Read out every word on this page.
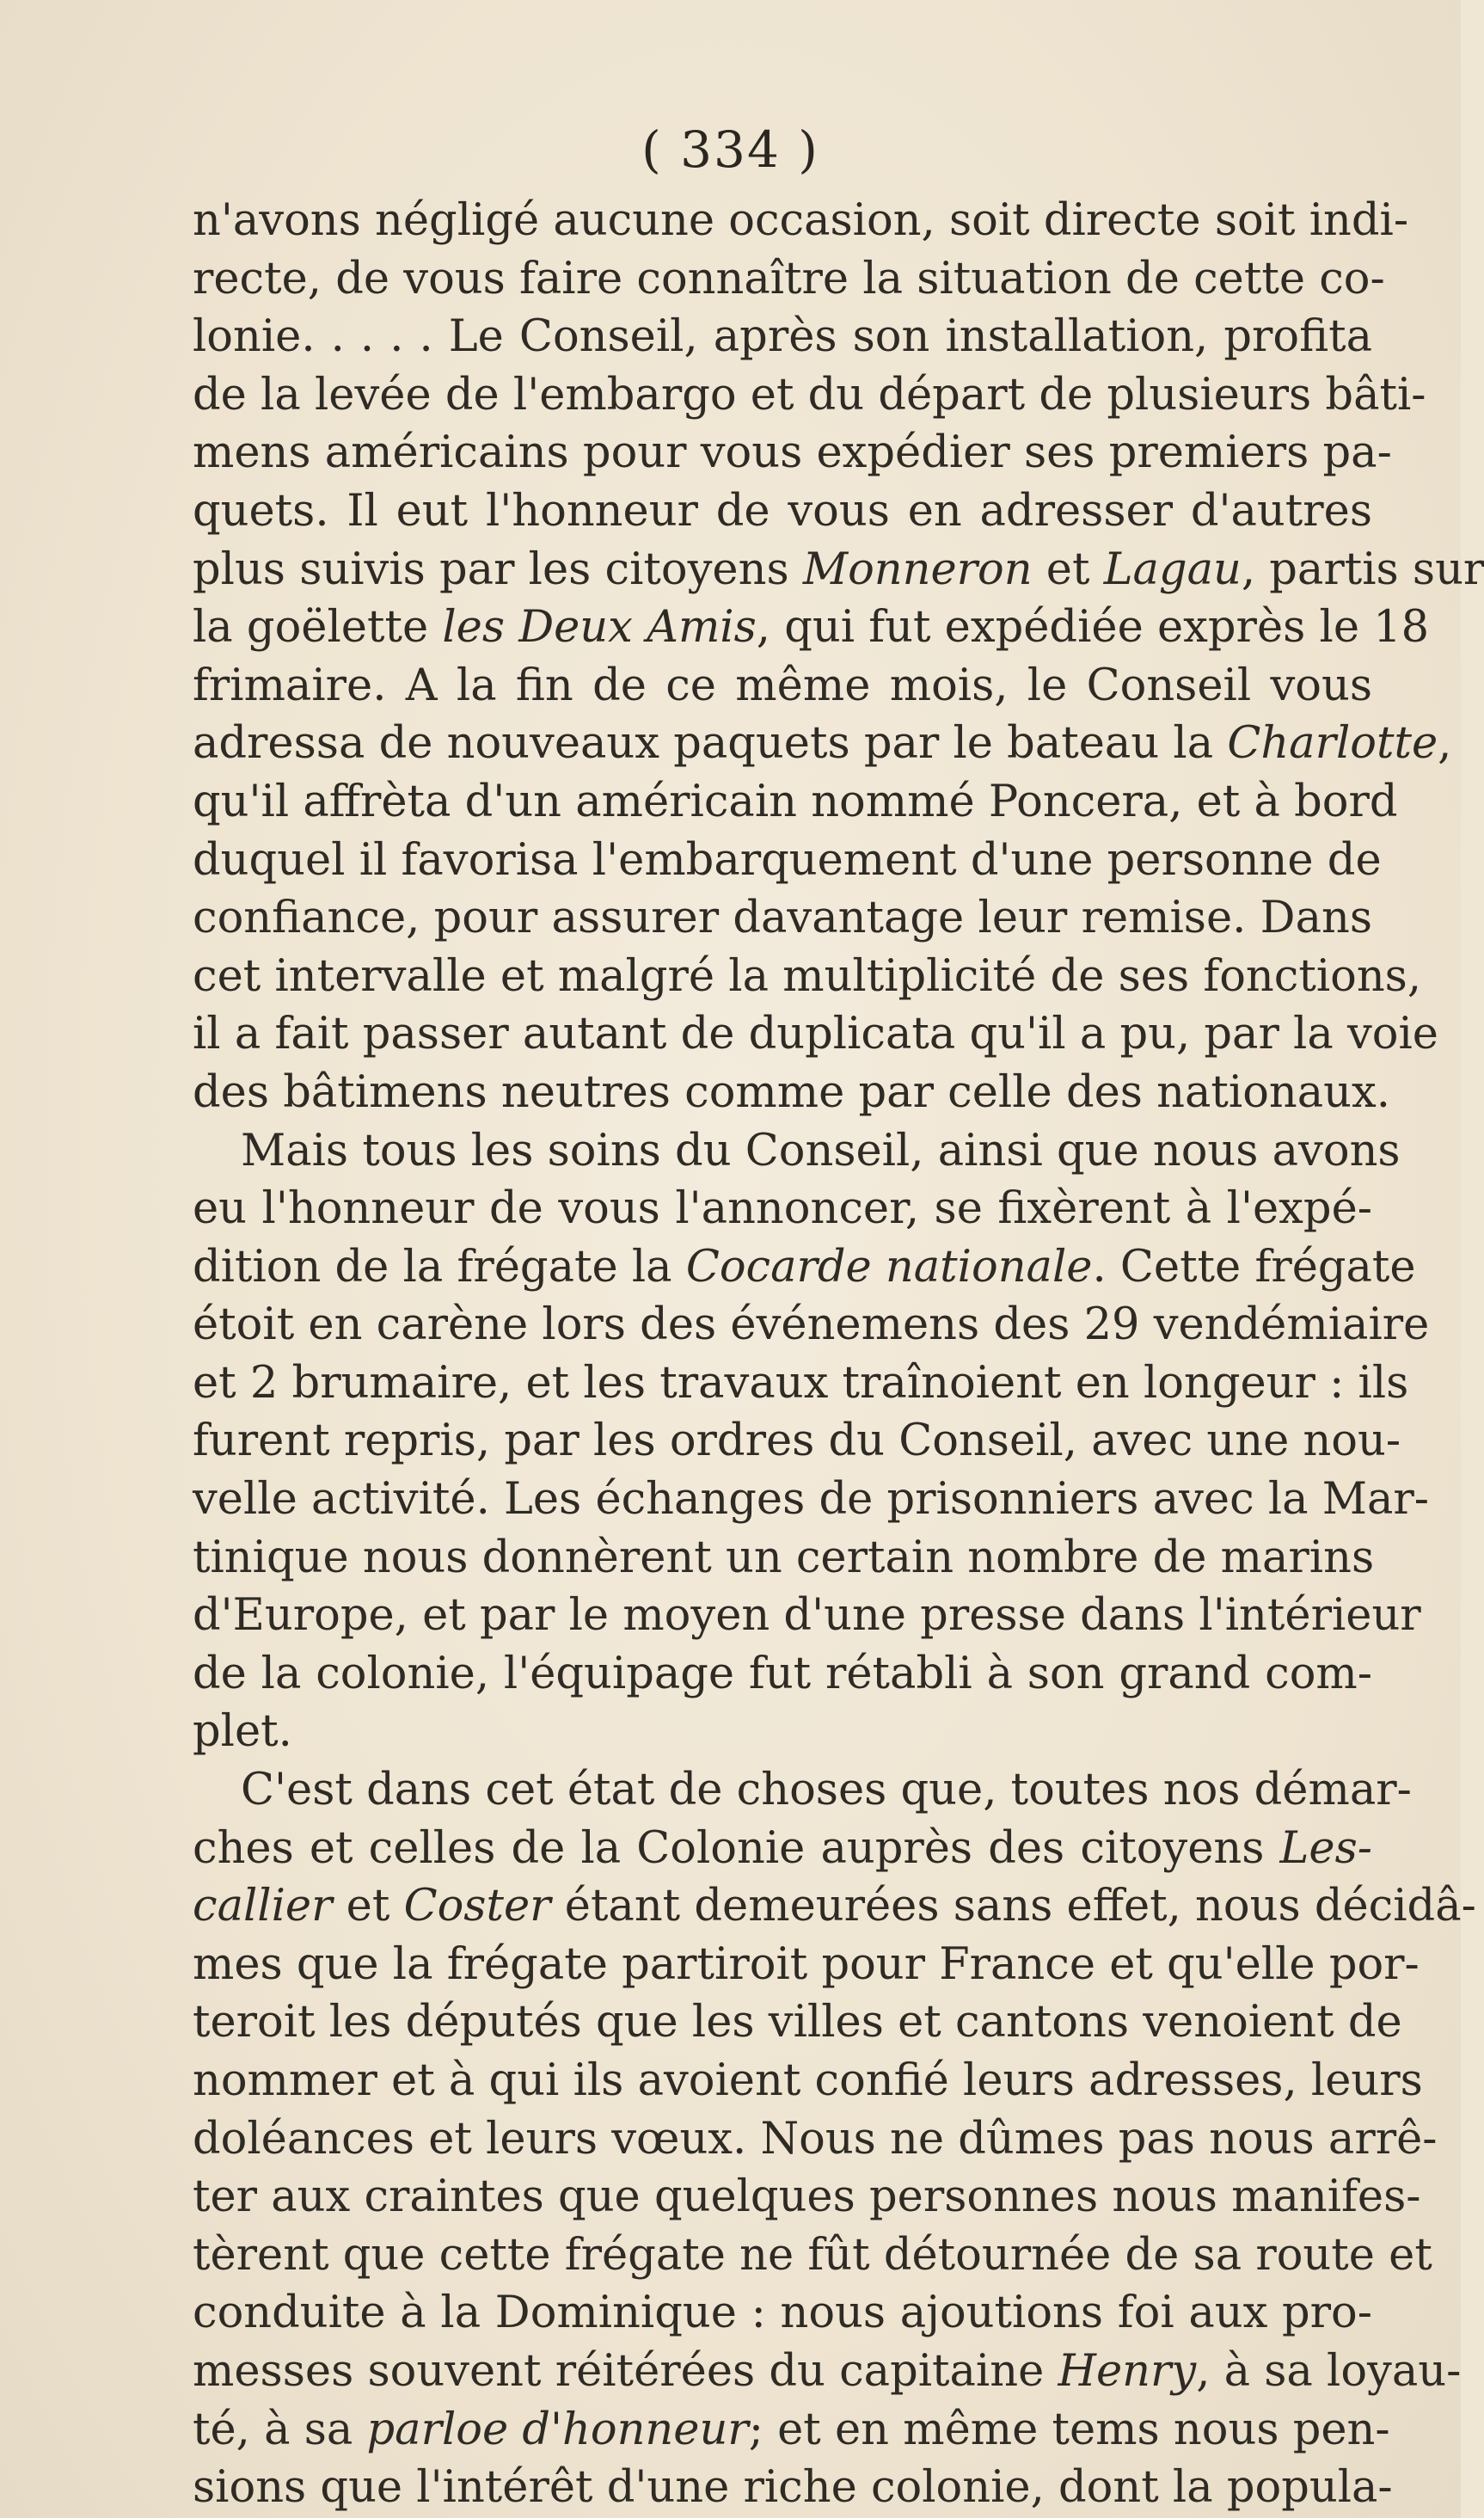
( 334 )
n'avons négligé aucune occasion, soit directe soit indi-
recte, de vous faire connaître la situation de cette co-
lonie. . . . . Le Conseil, après son installation, profita
de la levée de l'embargo et du départ de plusieurs bâti-
mens américains pour vous expédier ses premiers pa-
quets. Il eut l'honneur de vous en adresser d'autres
plus suivis par les citoyens Monneron et Lagau, partis sur
la goëlette les Deux Amis, qui fut expédiée exprès le 18
frimaire. A la fin de ce même mois, le Conseil vous
adressa de nouveaux paquets par le bateau la Charlotte,
qu'il affrèta d'un américain nommé Poncera, et à bord
duquel il favorisa l'embarquement d'une personne de
confiance, pour assurer davantage leur remise. Dans
cet intervalle et malgré la multiplicité de ses fonctions,
il a fait passer autant de duplicata qu'il a pu, par la voie
des bâtimens neutres comme par celle des nationaux.
Mais tous les soins du Conseil, ainsi que nous avons
eu l'honneur de vous l'annoncer, se fixèrent à l'expé-
dition de la frégate la Cocarde nationale. Cette frégate
étoit en carène lors des événemens des 29 vendémiaire
et 2 brumaire, et les travaux traînoient en longeur : ils
furent repris, par les ordres du Conseil, avec une nou-
velle activité. Les échanges de prisonniers avec la Mar-
tinique nous donnèrent un certain nombre de marins
d'Europe, et par le moyen d'une presse dans l'intérieur
de la colonie, l'équipage fut rétabli à son grand com-
plet.
C'est dans cet état de choses que, toutes nos démar-
ches et celles de la Colonie auprès des citoyens Les-
callier et Coster étant demeurées sans effet, nous décidâ-
mes que la frégate partiroit pour France et qu'elle por-
teroit les députés que les villes et cantons venoient de
nommer et à qui ils avoient confié leurs adresses, leurs
doléances et leurs vœux. Nous ne dûmes pas nous arrê-
ter aux craintes que quelques personnes nous manifes-
tèrent que cette frégate ne fût détournée de sa route et
conduite à la Dominique : nous ajoutions foi aux pro-
messes souvent réitérées du capitaine Henry, à sa loyau-
té, à sa parloe d'honneur; et en même tems nous pen-
sions que l'intérêt d'une riche colonie, dont la popula-
